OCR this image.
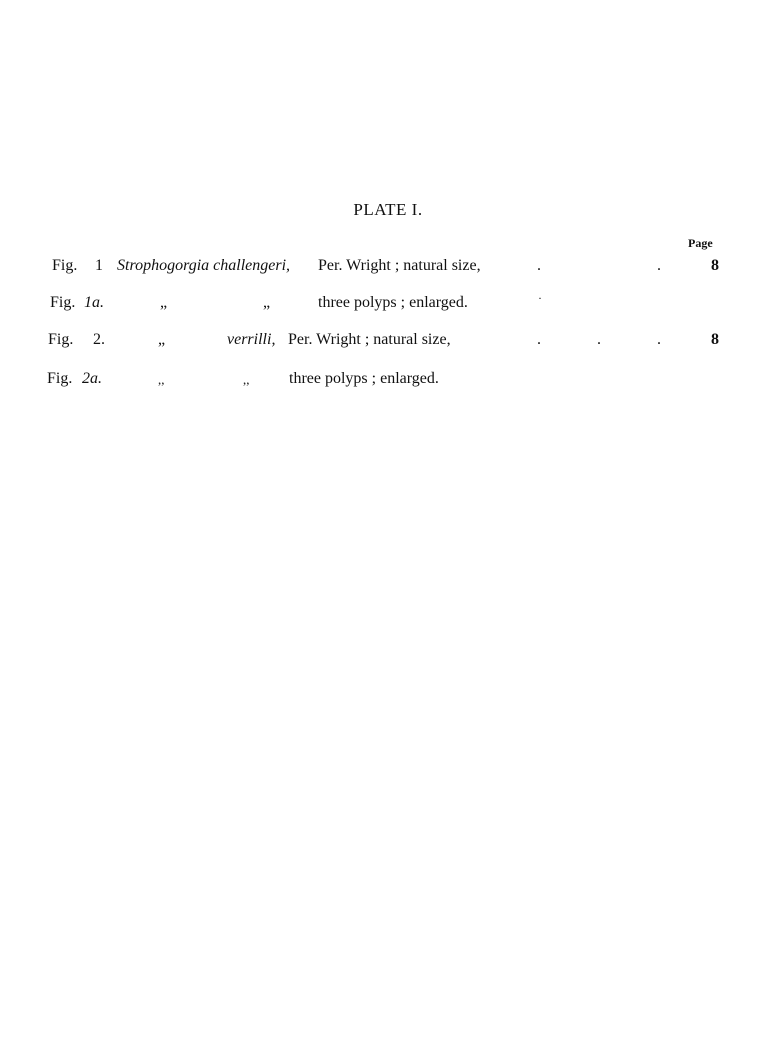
PLATE I.
Page
Fig. 1 Strophogorgia challengeri, Per. Wright ; natural size,	.	.	8
Fig. 1a.	„	„	three polyps ; enlarged.	·
Fig. 2.	„	verrilli, Per. Wright ; natural size,	.	.	.	8
Fig. 2a.	,,	,, three polyps ; enlarged.
